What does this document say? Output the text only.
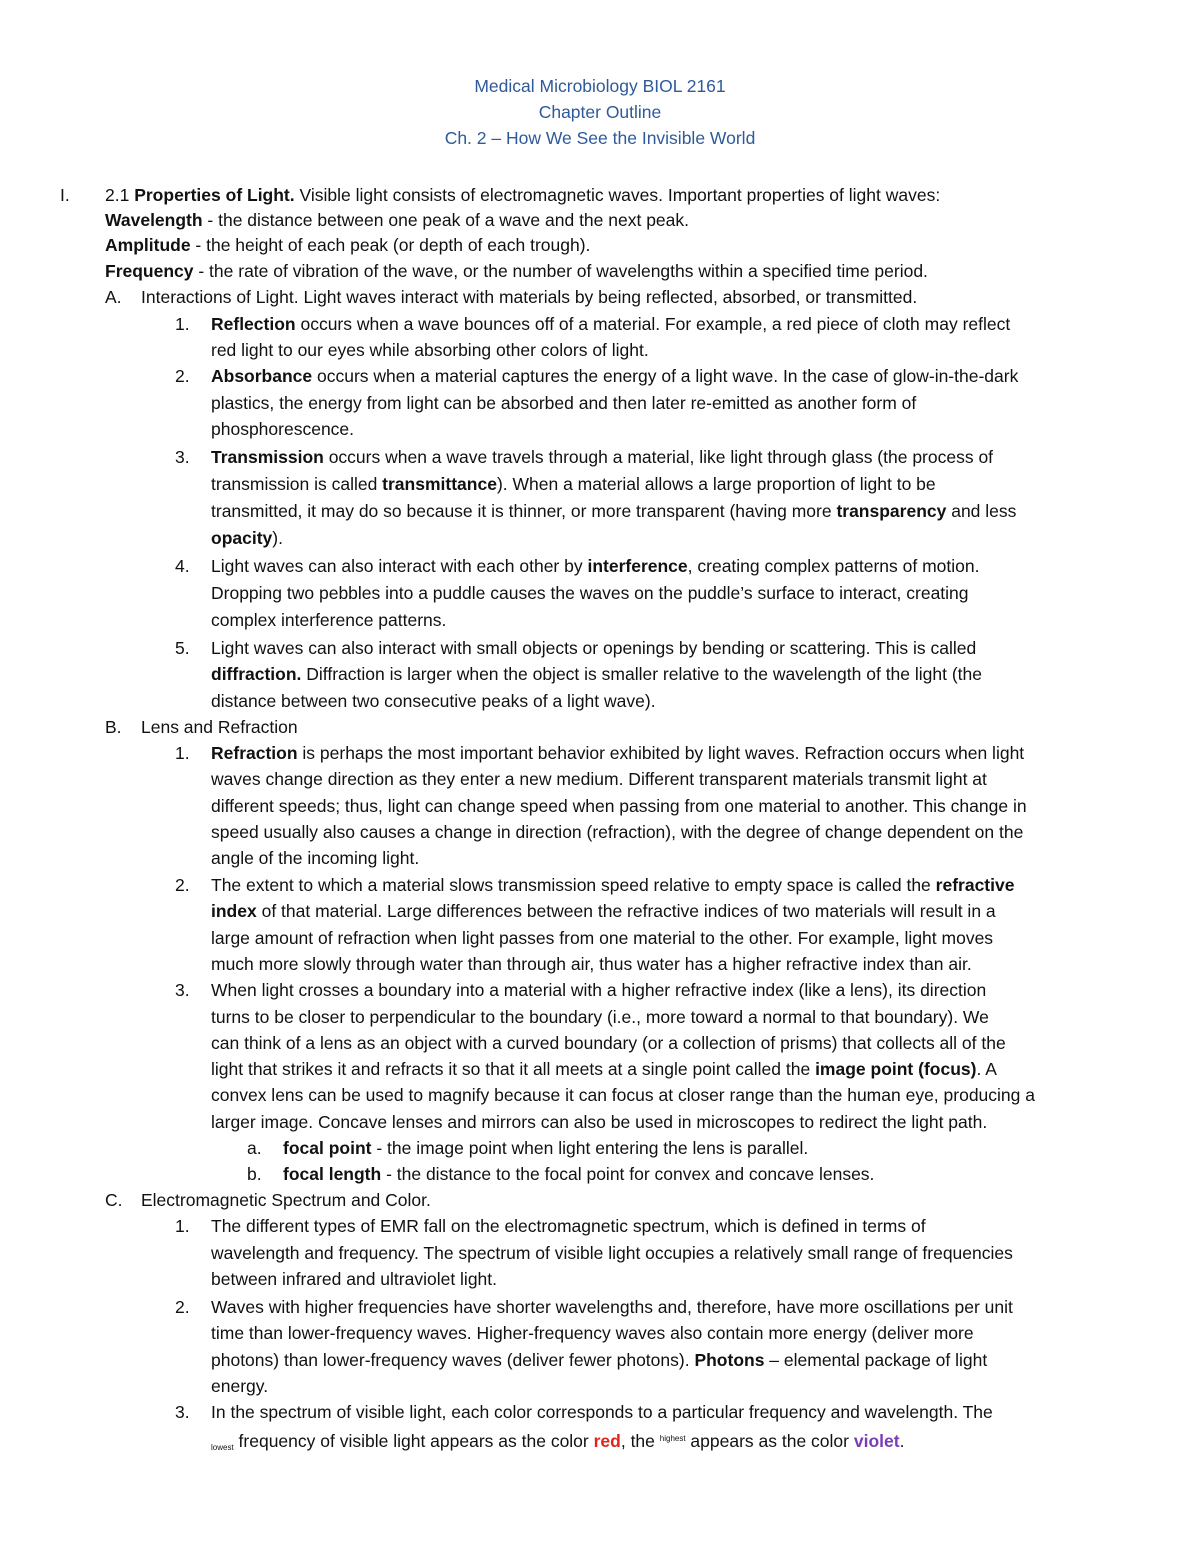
Medical Microbiology BIOL 2161
Chapter Outline
Ch. 2 – How We See the Invisible World
I. 2.1 Properties of Light. Visible light consists of electromagnetic waves. Important properties of light waves:
Wavelength - the distance between one peak of a wave and the next peak.
Amplitude - the height of each peak (or depth of each trough).
Frequency - the rate of vibration of the wave, or the number of wavelengths within a specified time period.
A. Interactions of Light. Light waves interact with materials by being reflected, absorbed, or transmitted.
1. Reflection occurs when a wave bounces off of a material. For example, a red piece of cloth may reflect
red light to our eyes while absorbing other colors of light.
2. Absorbance occurs when a material captures the energy of a light wave. In the case of glow-in-the-dark
plastics, the energy from light can be absorbed and then later re-emitted as another form of
phosphorescence.
3. Transmission occurs when a wave travels through a material, like light through glass (the process of
transmission is called transmittance). When a material allows a large proportion of light to be
transmitted, it may do so because it is thinner, or more transparent (having more transparency and less
opacity).
4. Light waves can also interact with each other by interference, creating complex patterns of motion.
Dropping two pebbles into a puddle causes the waves on the puddle’s surface to interact, creating
complex interference patterns.
5. Light waves can also interact with small objects or openings by bending or scattering. This is called
diffraction. Diffraction is larger when the object is smaller relative to the wavelength of the light (the
distance between two consecutive peaks of a light wave).
B. Lens and Refraction
1. Refraction is perhaps the most important behavior exhibited by light waves. Refraction occurs when light
waves change direction as they enter a new medium. Different transparent materials transmit light at
different speeds; thus, light can change speed when passing from one material to another. This change in
speed usually also causes a change in direction (refraction), with the degree of change dependent on the
angle of the incoming light.
2. The extent to which a material slows transmission speed relative to empty space is called the refractive
index of that material. Large differences between the refractive indices of two materials will result in a
large amount of refraction when light passes from one material to the other. For example, light moves
much more slowly through water than through air, thus water has a higher refractive index than air.
3. When light crosses a boundary into a material with a higher refractive index (like a lens), its direction
turns to be closer to perpendicular to the boundary (i.e., more toward a normal to that boundary). We
can think of a lens as an object with a curved boundary (or a collection of prisms) that collects all of the
light that strikes it and refracts it so that it all meets at a single point called the image point (focus). A
convex lens can be used to magnify because it can focus at closer range than the human eye, producing a
larger image. Concave lenses and mirrors can also be used in microscopes to redirect the light path.
a. focal point - the image point when light entering the lens is parallel.
b. focal length - the distance to the focal point for convex and concave lenses.
C. Electromagnetic Spectrum and Color.
1. The different types of EMR fall on the electromagnetic spectrum, which is defined in terms of
wavelength and frequency. The spectrum of visible light occupies a relatively small range of frequencies
between infrared and ultraviolet light.
2. Waves with higher frequencies have shorter wavelengths and, therefore, have more oscillations per unit
time than lower-frequency waves. Higher-frequency waves also contain more energy (deliver more
photons) than lower-frequency waves (deliver fewer photons). Photons – elemental package of light
energy.
3. In the spectrum of visible light, each color corresponds to a particular frequency and wavelength. The
lowest frequency of visible light appears as the color red, the $^{highest}$ appears as the color violet.
